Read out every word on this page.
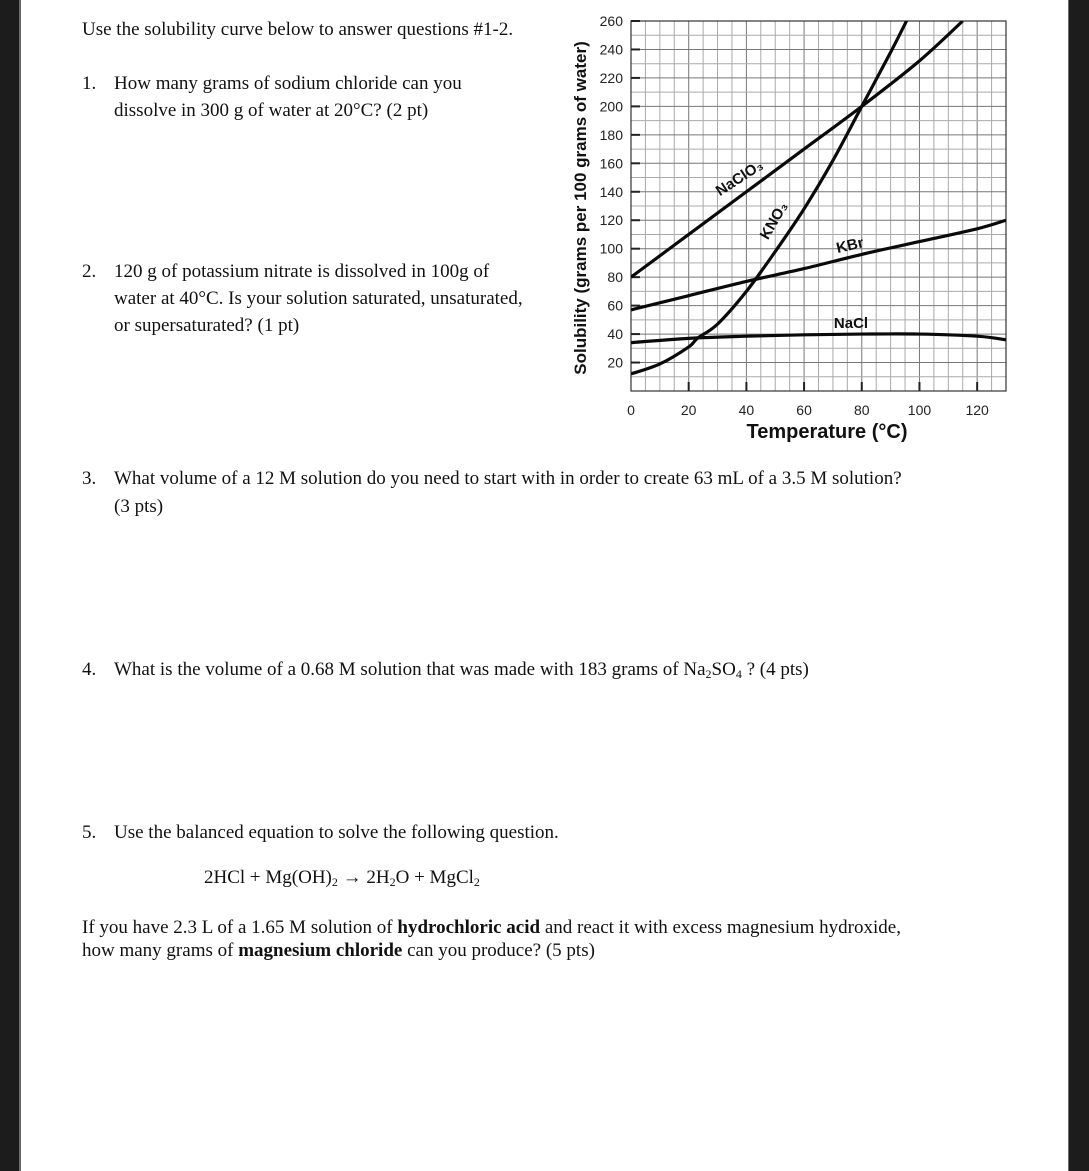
Use the solubility curve below to answer questions #1-2.
1. How many grams of sodium chloride can you
dissolve in 300 g of water at 20°C? (2 pt)
2. 120 g of potassium nitrate is dissolved in 100g of
water at 40°C. Is your solution saturated, unsaturated,
or supersaturated? (1 pt)
3. What volume of a 12 M solution do you need to start with in order to create 63 mL of a 3.5 M solution?
(3 pts)
4. What is the volume of a 0.68 M solution that was made with 183 grams of $Na_2SO_4$ ? (4 pts)
5. Use the balanced equation to solve the following question.
$2HCl + Mg(OH)_2 \to 2H_2O$ + MgCl$_2$
If you have 2.3 L of a 1.65 M solution of hydrochloric acid and react it with excess magnesium hydroxide,
how many grams of magnesium chloride can you produce? (5 pts)
20
40
60
80
100
120
140
160
180
200
220
240
260
0	20	40	60	80	100 120
Temperature (°C)
Solubility (grams per 100 grams of water)	NaClO₃
KNO₃
KBr
NaCl
